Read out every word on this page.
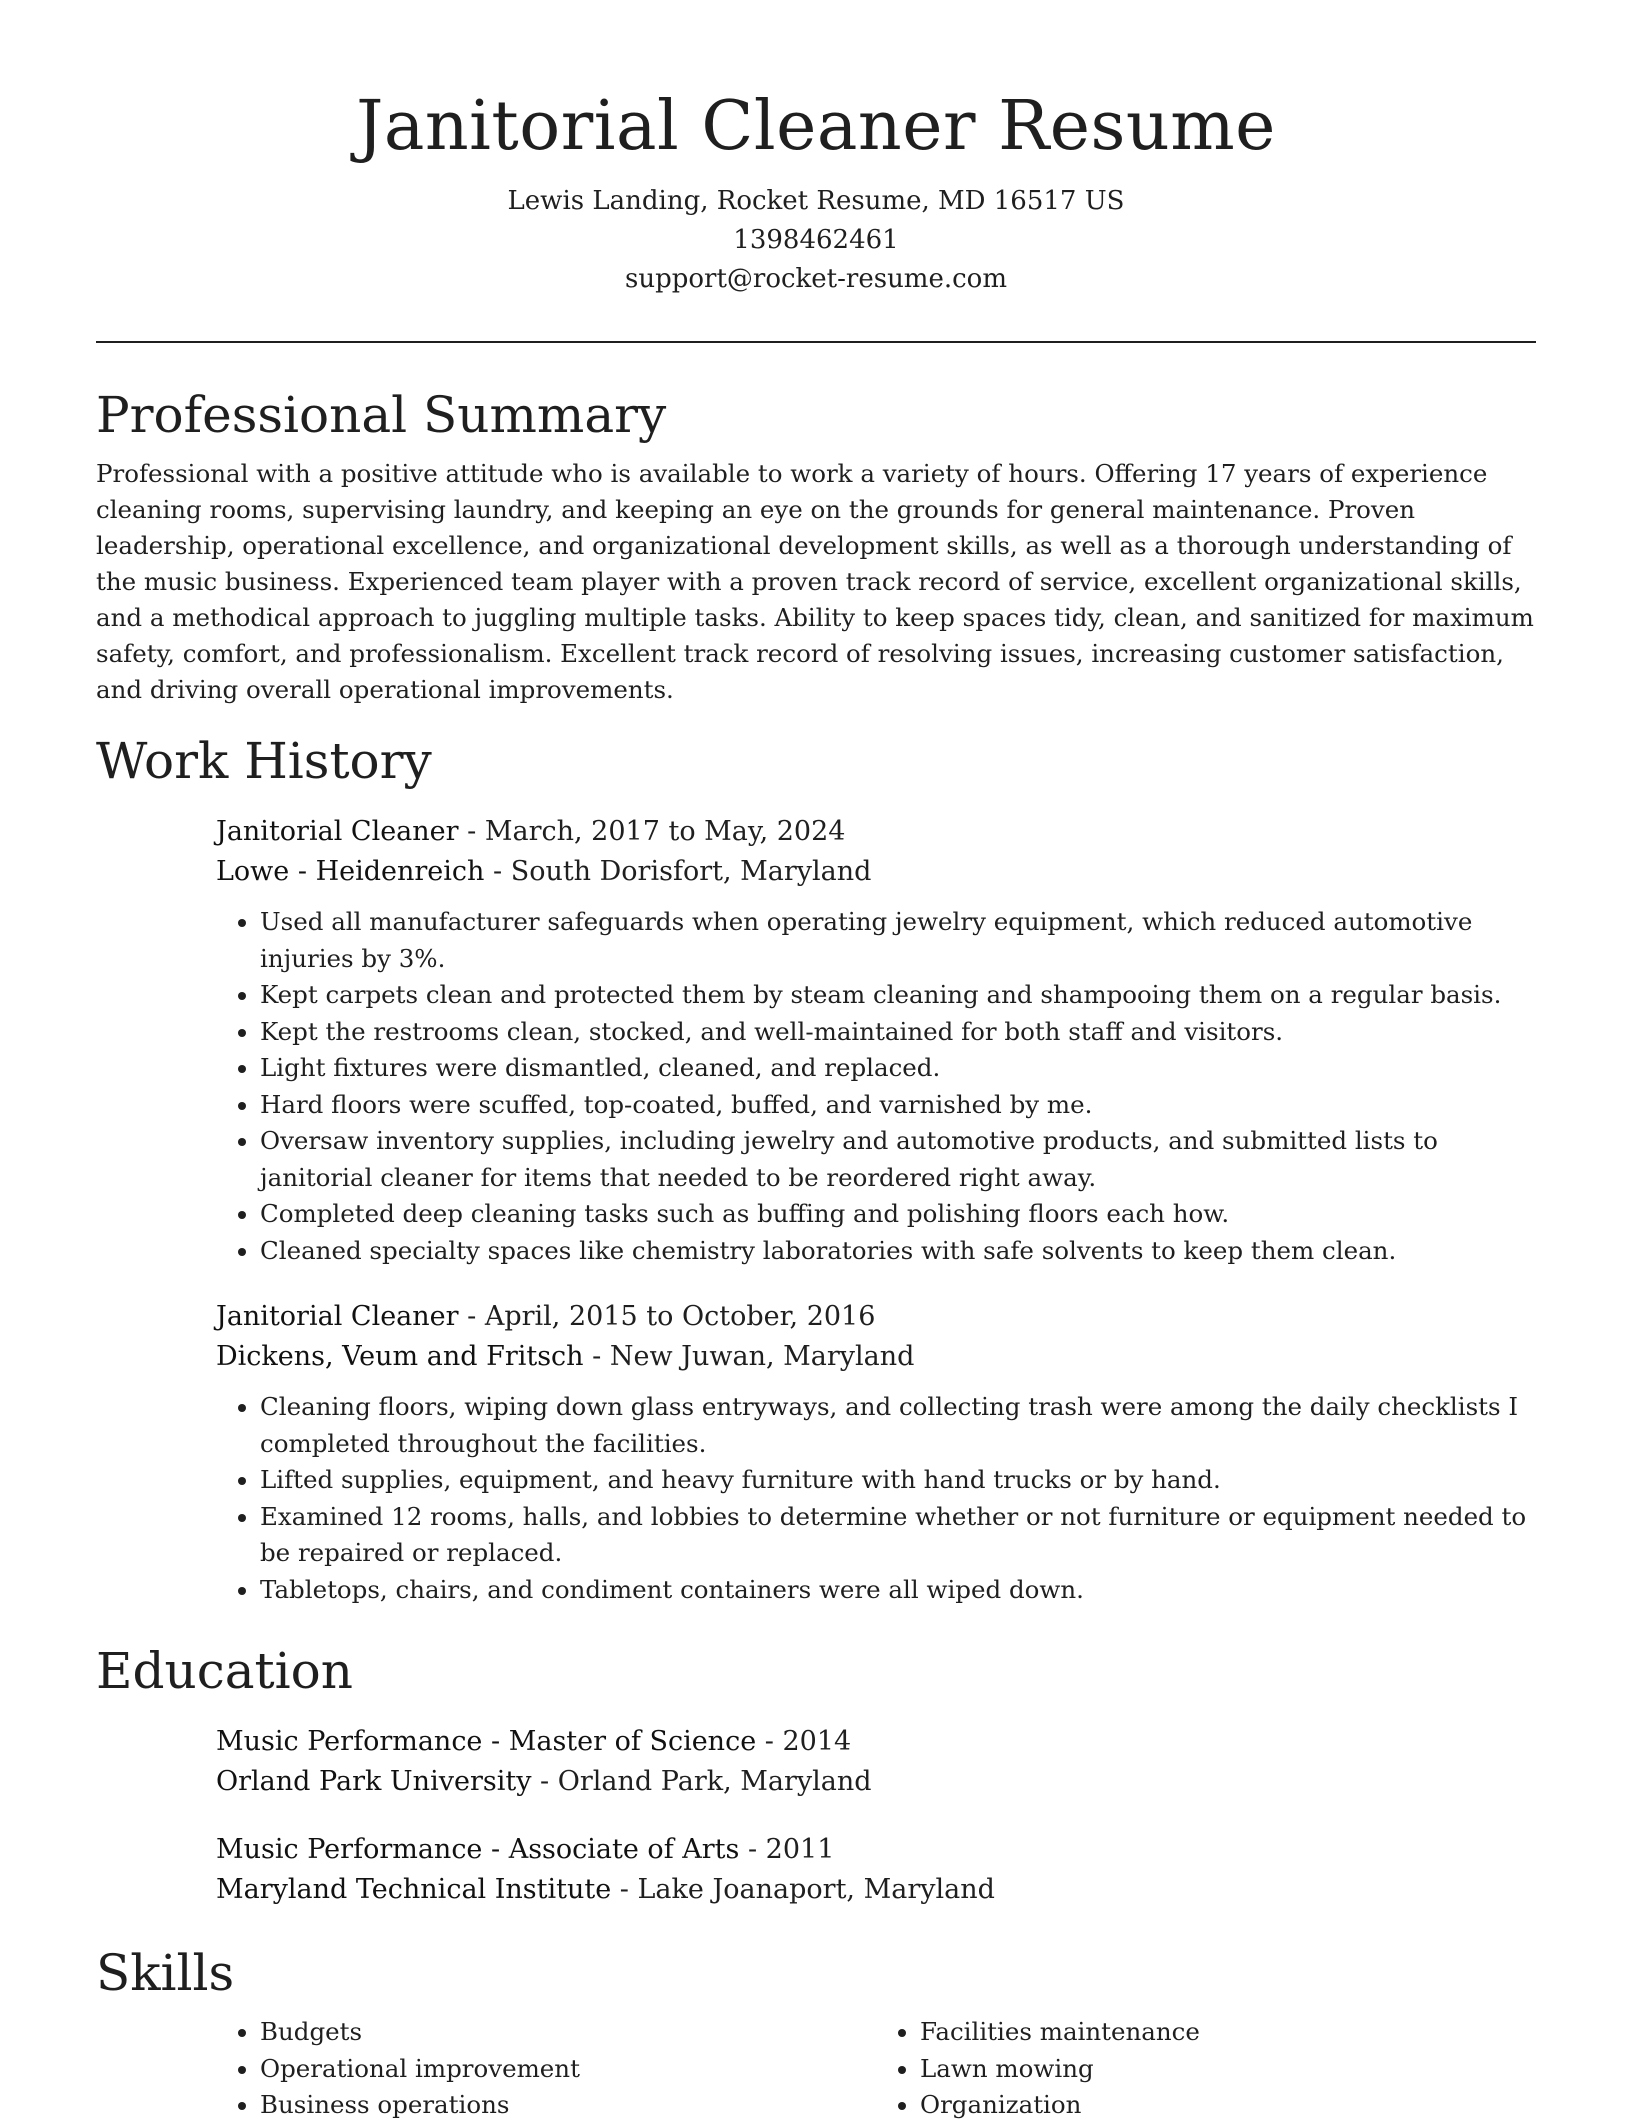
Janitorial Cleaner Resume
Lewis Landing, Rocket Resume, MD 16517 US
1398462461
support@rocket-resume.com
Professional Summary

Professional with a positive attitude who is available to work a variety of hours. Offering 17 years of experience cleaning rooms, supervising laundry, and keeping an eye on the grounds for general maintenance. Proven leadership, operational excellence, and organizational development skills, as well as a thorough understanding of the music business. Experienced team player with a proven track record of service, excellent organizational skills, and a methodical approach to juggling multiple tasks. Ability to keep spaces tidy, clean, and sanitized for maximum safety, comfort, and professionalism. Excellent track record of resolving issues, increasing customer satisfaction, and driving overall operational improvements.

Work History
Janitorial Cleaner - March, 2017 to May, 2024
Lowe - Heidenreich - South Dorisfort, Maryland
• Used all manufacturer safeguards when operating jewelry equipment, which reduced automotive injuries by 3%.
• Kept carpets clean and protected them by steam cleaning and shampooing them on a regular basis.
• Kept the restrooms clean, stocked, and well-maintained for both staff and visitors.
• Light fixtures were dismantled, cleaned, and replaced.
• Hard floors were scuffed, top-coated, buffed, and varnished by me.
• Oversaw inventory supplies, including jewelry and automotive products, and submitted lists to janitorial cleaner for items that needed to be reordered right away.
• Completed deep cleaning tasks such as buffing and polishing floors each how.
• Cleaned specialty spaces like chemistry laboratories with safe solvents to keep them clean.
Janitorial Cleaner - April, 2015 to October, 2016
Dickens, Veum and Fritsch - New Juwan, Maryland
• Cleaning floors, wiping down glass entryways, and collecting trash were among the daily checklists I completed throughout the facilities.
• Lifted supplies, equipment, and heavy furniture with hand trucks or by hand.
• Examined 12 rooms, halls, and lobbies to determine whether or not furniture or equipment needed to be repaired or replaced.
• Tabletops, chairs, and condiment containers were all wiped down.
Education
Music Performance - Master of Science - 2014
Orland Park University - Orland Park, Maryland
Music Performance - Associate of Arts - 2011
Maryland Technical Institute - Lake Joanaport, Maryland
Skills
• Budgets
• Operational improvement
• Business operations
• Facilities maintenance
• Lawn mowing
• Organization
